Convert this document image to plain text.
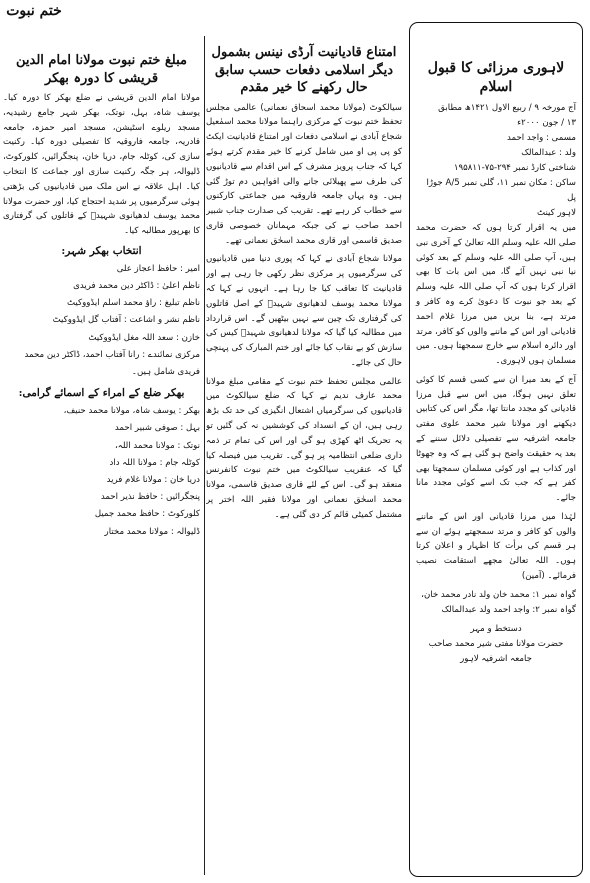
ختم نبوت
لاہوری مرزائی کا قبول اسلام
آج مورخہ ۹ / ربیع الاول ۱۴۲۱ھ مطابق
۱۳ / جون ۲۰۰۰ء
مسمی : واجد احمد
ولد : عبدالمالک
شناختی کارڈ نمبر ۲۹۴-۷۵-۱۹۵۸۱۱
ساکن : مکان نمبر ۱۱، گلی نمبر 5/A جوڑا پل
لاہور کینٹ

میں یہ اقرار کرتا ہوں کہ حضرت محمد صلی اللہ علیہ وسلم اللہ تعالیٰ کے آخری نبی ہیں، آپ صلی اللہ علیہ وسلم کے بعد کوئی نیا نبی نہیں آئے گا، میں اس بات کا بھی اقرار کرتا ہوں کہ آپ صلی اللہ علیہ وسلم کے بعد جو نبوت کا دعویٰ کرے وہ کافر و مرتد ہے، بنا بریں میں مرزا غلام احمد قادیانی اور اس کے ماننے والوں کو کافر، مرتد اور دائرہ اسلام سے خارج سمجھتا ہوں۔ میں مسلمان ہوں لاہوری۔

آج کے بعد میرا ان سے کسی قسم کا کوئی تعلق نہیں ہوگا، میں اس سے قبل مرزا قادیانی کو مجدد مانتا تھا، مگر اس کی کتابیں دیکھنے اور مولانا شیر محمد علوی مفتی جامعہ اشرفیہ سے تفصیلی دلائل سننے کے بعد یہ حقیقت واضح ہو گئی ہے کہ وہ جھوٹا اور کذاب ہے اور کوئی مسلمان سمجھتا بھی کفر ہے کہ جب تک اسے کوئی مجدد مانا جائے۔

لہٰذا میں مرزا قادیانی اور اس کے ماننے والوں کو کافر و مرتد سمجھتے ہوئے ان سے ہر قسم کی برأت کا اظہار و اعلان کرتا ہوں۔ اللہ تعالیٰ مجھے استقامت نصیب فرمائے۔ (آمین)

گواہ نمبر ۱: محمد خان ولد نادر محمد خان،
گواہ نمبر ۲: واجد احمد ولد عبدالمالک
دستخط و مہر
حضرت مولانا مفتی شیر محمد صاحب
جامعہ اشرفیہ لاہور
امتناع قادیانیت آرڈی نینس بشمول دیگر اسلامی دفعات حسب سابق حال رکھنے کا خیر مقدم

سیالکوٹ (مولانا محمد اسحاق نعمانی) عالمی مجلس تحفظ ختم نبوت کے مرکزی راہنما مولانا محمد اسمٰعیل شجاع آبادی نے اسلامی دفعات اور امتناع قادیانیت ایکٹ کو پی پی او میں شامل کرنے کا خیر مقدم کرتے ہوئے کہا کہ جناب پرویز مشرف کے اس اقدام سے قادیانیوں کی طرف سے پھیلائی جانے والی افواہیں دم توڑ گئی ہیں۔ وہ یہاں جامعہ فاروقیہ میں جماعتی کارکنوں سے خطاب کر رہے تھے۔ تقریب کی صدارت جناب شبیر احمد صاحب نے کی جبکہ مہمانان خصوصی قاری صدیق قاسمی اور قاری محمد اسحٰق نعمانی تھے۔

مولانا شجاع آبادی نے کہا کہ پوری دنیا میں قادیانیوں کی سرگرمیوں پر مرکزی نظر رکھی جا رہی ہے اور قادیانیت کا تعاقب کیا جا رہا ہے۔ انہوں نے کہا کہ مولانا محمد یوسف لدھیانوی شہیدؒ کے اصل قاتلوں کی گرفتاری تک چین سے نہیں بیٹھیں گے۔ اس قرارداد میں مطالبہ کیا گیا کہ مولانا لدھیانوی شہیدؒ کیس کی سازش کو بے نقاب کیا جائے اور ختم المبارک کی پہنچی حال کی جائے۔

عالمی مجلس تحفظ ختم نبوت کے مقامی مبلغ مولانا محمد عارف ندیم نے کہا کہ ضلع سیالکوٹ میں قادیانیوں کی سرگرمیاں اشتعال انگیزی کی حد تک بڑھ رہی ہیں، ان کے انسداد کی کوششیں نہ کی گئیں تو یہ تحریک اٹھ کھڑی ہو گی اور اس کی تمام تر ذمہ داری ضلعی انتظامیہ پر ہو گی۔ تقریب میں فیصلہ کیا گیا کہ عنقریب سیالکوٹ میں ختم نبوت کانفرنس منعقد ہو گی۔ اس کے لئے قاری صدیق قاسمی، مولانا محمد اسحٰق نعمانی اور مولانا فقیر اللہ اختر پر مشتمل کمیٹی قائم کر دی گئی ہے۔

مبلغ ختم نبوت مولانا امام الدین قریشی کا دورہ بھکر

مولانا امام الدین قریشی نے ضلع بھکر کا دورہ کیا۔ یوسف شاہ، بہل، نوتک، بھکر شہر جامع رشیدیہ، مسجد ریلوے اسٹیشن، مسجد امیر حمزہ، جامعہ قادریہ، جامعہ فاروقیہ کا تفصیلی دورہ کیا۔ رکنیت سازی کی، کوٹلہ جام، دریا خان، پنجگرائیں، کلورکوٹ، ڈلیوالہ، ہر جگہ رکنیت سازی اور جماعت کا انتخاب کیا۔ اہل علاقہ نے اس ملک میں قادیانیوں کی بڑھتی ہوئی سرگرمیوں پر شدید احتجاج کیا، اور حضرت مولانا محمد یوسف لدھیانوی شہیدؒ کے قاتلوں کی گرفتاری کا بھرپور مطالبہ کیا۔

انتخاب بھکر شہر:
امیر : حافظ اعجاز علی
ناظم اعلیٰ : ڈاکٹر دین محمد فریدی
ناظم تبلیغ : راؤ محمد اسلم ایڈووکیٹ
ناظم نشر و اشاعت : آفتاب گل ایڈووکیٹ
خازن : سعد اللہ مغل ایڈووکیٹ
مرکزی نمائندے : رانا آفتاب احمد، ڈاکٹر دین محمد فریدی شامل ہیں۔
بھکر ضلع کے امراء کے اسمائے گرامی:
بھکر : یوسف شاہ، مولانا محمد حنیف،
بہل : صوفی شبیر احمد
نوتک : مولانا محمد اللہ،
کوٹلہ جام : مولانا اللہ داد
دریا خان : مولانا غلام فرید
پنجگرائیں : حافظ نذیر احمد
کلورکوٹ : حافظ محمد جمیل
ڈلیوالہ : مولانا محمد مختار
